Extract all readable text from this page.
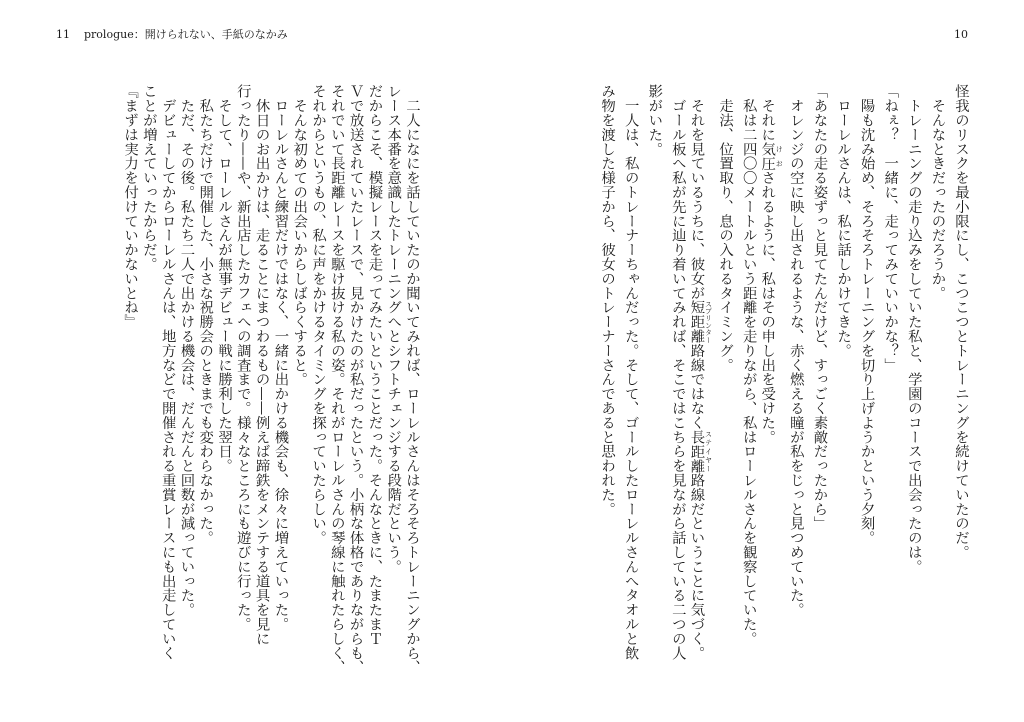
11 prologue：開けられない、手紙のなかみ	10

怪我のリスクを最小限にし、こつこつとトレーニングを続けていたのだ。

　そんなときだったのだろうか。

　トレーニングの走り込みをしていた私と、学園のコースで出会ったのは。

「ねぇ？　一緒に、走ってみていいかな？」

　陽も沈み始め、そろそろトレーニングを切り上げようかという夕刻。

　ローレルさんは、私に話しかけてきた。

「あなたの走る姿ずっと見てたんだけど、すっごく素敵だったから」

　オレンジの空に映し出されるような、赤く燃える瞳が私をじっと見つめていた。

　それに気圧 けおされるように、私はその申し出を受けた。

　私は二四〇〇メートルという距離を走りながら、私はローレルさんを観察していた。

　走法、位置取り、息の入れるタイミング。

　それを見ているうちに、彼女が短距離 スプリンター路線ではなく長距離 ステイヤー路線だということに気づく。

　ゴール板へ私が先に辿り着いてみれば、そこではこちらを見ながら話している二つの人

影がいた。

　一人は、私のトレーナーちゃんだった。そして、ゴールしたローレルさんへタオルと飲

み物を渡した様子から、彼女のトレーナーさんであると思われた。

　二人になにを話していたのか聞いてみれば、ローレルさんはそろそろトレーニングから、

レース本番を意識したトレーニングへとシフトチェンジする段階だという。

だからこそ、模擬レースを走ってみたいということだった。そんなときに、たまたまＴ

Ｖで放送されていたレースで、見かけたのが私だったという。小柄な体格でありながらも、

それでいて長距離レースを駆け抜ける私の姿。それがローレルさんの琴線に触れたらしく、

それからというもの、私に声をかけるタイミングを探っていたらしい。

　そんな初めての出会いからしばらくすると。

　ローレルさんと練習だけではなく、一緒に出かける機会も、徐々に増えていった。

　休日のお出かけは、走ることにまつわるもの——例えば蹄鉄をメンテする道具を見に

行ったり——や、新出店したカフェへの調査まで。様々なところにも遊びに行った。

　そして、ローレルさんが無事デビュー戦に勝利した翌日。

　私たちだけで開催した、小さな祝勝会のときまでも変わらなかった。

　ただ、その後。私たち二人で出かける機会は、だんだんと回数が減っていった。

　デビューしてからローレルさんは、地方などで開催される重賞レースにも出走していく

ことが増えていったからだ。

『まずは実力を付けていかないとね』
